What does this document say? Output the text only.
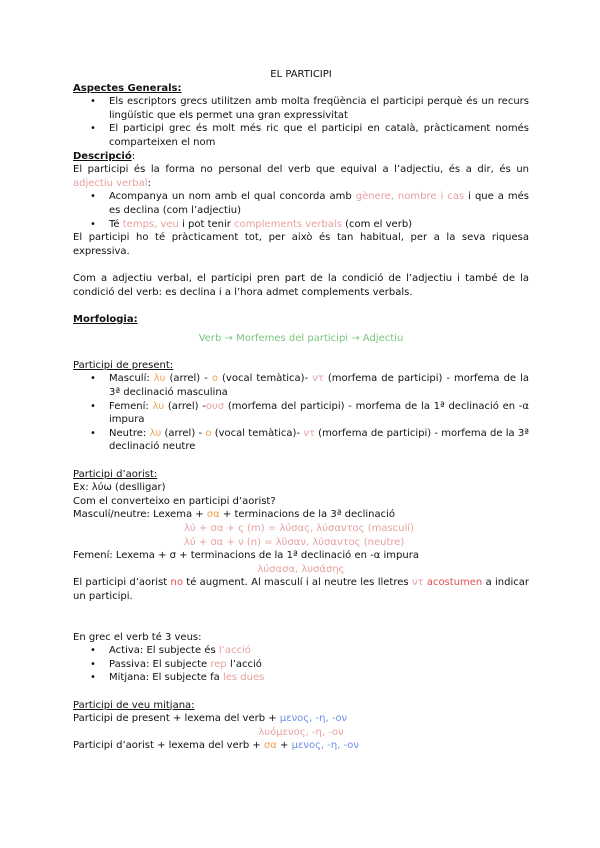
EL PARTICIPI
Aspectes Generals:
• Els escriptors grecs utilitzen amb molta freqüència el participi perquè és un recurs lingüístic que els permet una gran expressivitat
• El participi grec és molt més ric que el participi en català, pràcticament només comparteixen el nom
Descripció:
El participi és la forma no personal del verb que equival a l’adjectiu, és a dir, és un adjectiu verbal:
• Acompanya un nom amb el qual concorda amb gènere, nombre i cas i que a més es declina (com l’adjectiu)
• Té temps, veu i pot tenir complements verbals (com el verb)
El participi ho té pràcticament tot, per això és tan habitual, per a la seva riquesa expressiva.
Com a adjectiu verbal, el participi pren part de la condició de l’adjectiu i també de la condició del verb: es declina i a l’hora admet complements verbals.
Morfologia:
Verb → Morfemes del participi → Adjectiu
Participi de present:
• Masculí: λυ (arrel) - ο (vocal temàtica)- ντ (morfema de participi) - morfema de la 3ª declinació masculina
• Femení: λυ (arrel) -ουσ (morfema del participi) - morfema de la 1ª declinació en -α impura
• Neutre: λυ (arrel) - ο (vocal temàtica)- ντ (morfema de participi) - morfema de la 3ª declinació neutre
Participi d’aorist:
Ex: λύω (deslligar)
Com el converteixo en participi d’aorist?
Masculí/neutre: Lexema + σα + terminacions de la 3ª declinació
λύ + σα + ς (m) = λύσας, λύσαντος (masculí)
λύ + σα + ν (n) = λῦσαν, λύσαντος (neutre)
Femení: Lexema + σ + terminacions de la 1ª declinació en -α impura
λύσασα, λυσάσης
El participi d’aorist no té augment. Al masculí i al neutre les lletres ντ acostumen a indicar un participi.
En grec el verb té 3 veus:
• Activa: El subjecte és l’acció
• Passiva: El subjecte rep l’acció
• Mitjana: El subjecte fa les dues
Participi de veu mitjana:
Participi de present + lexema del verb + μενος, -η, -ον
λυόμενος, -η, -ον
Participi d’aorist + lexema del verb + σα + μενος, -η, -ον
